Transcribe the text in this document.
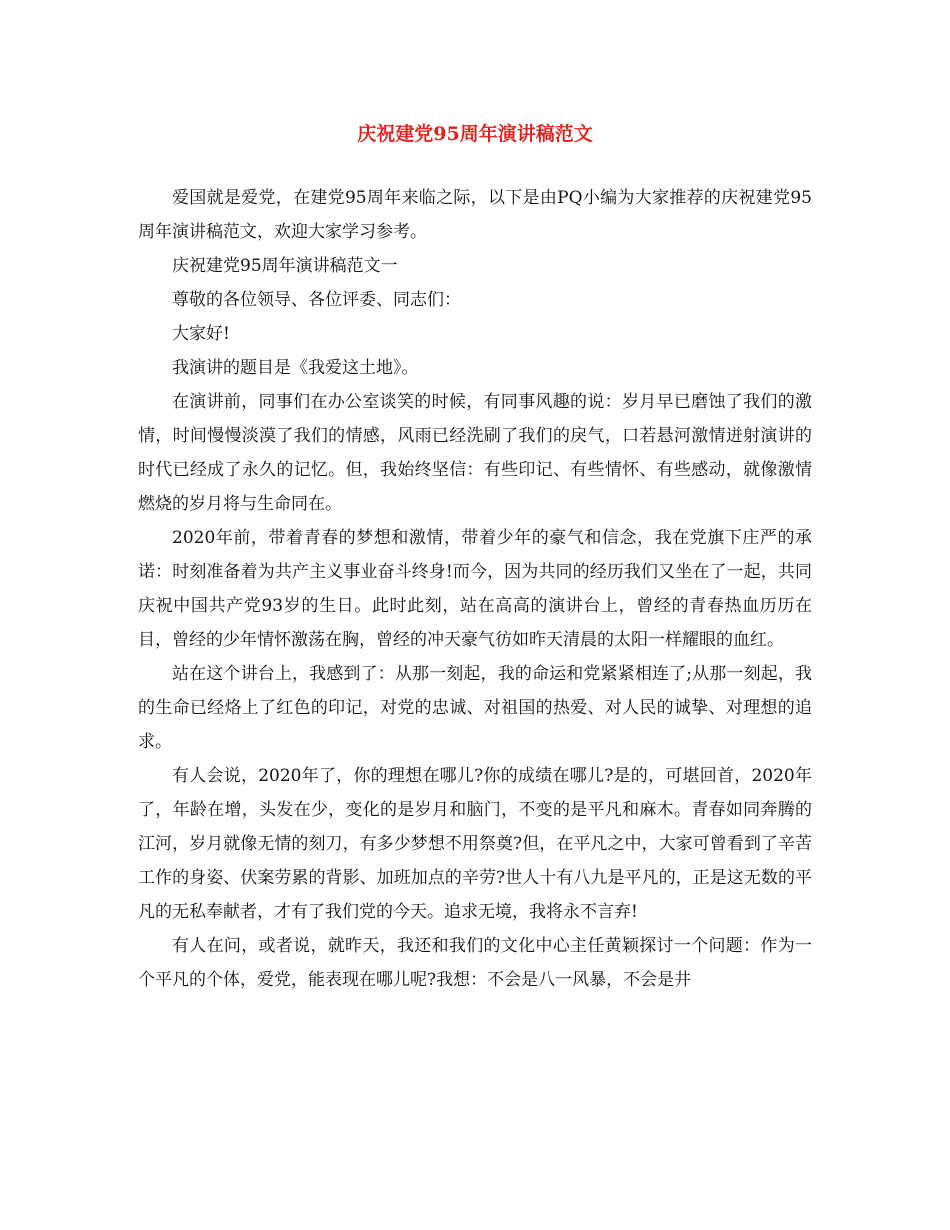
庆祝建党95周年演讲稿范文

爱国就是爱党，在建党95周年来临之际，以下是由PQ小编为大家推荐的庆祝建党95周年演讲稿范文，欢迎大家学习参考。

庆祝建党95周年演讲稿范文一

尊敬的各位领导、各位评委、同志们：

大家好!

我演讲的题目是《我爱这土地》。

在演讲前，同事们在办公室谈笑的时候，有同事风趣的说：岁月早已磨蚀了我们的激情，时间慢慢淡漠了我们的情感，风雨已经洗刷了我们的戾气，口若悬河激情迸射演讲的时代已经成了永久的记忆。但，我始终坚信：有些印记、有些情怀、有些感动，就像激情燃烧的岁月将与生命同在。

2020年前，带着青春的梦想和激情，带着少年的豪气和信念，我在党旗下庄严的承诺：时刻准备着为共产主义事业奋斗终身!而今，因为共同的经历我们又坐在了一起，共同庆祝中国共产党93岁的生日。此时此刻，站在高高的演讲台上，曾经的青春热血历历在目，曾经的少年情怀激荡在胸，曾经的冲天豪气彷如昨天清晨的太阳一样耀眼的血红。

站在这个讲台上，我感到了：从那一刻起，我的命运和党紧紧相连了;从那一刻起，我的生命已经烙上了红色的印记，对党的忠诚、对祖国的热爱、对人民的诚挚、对理想的追求。

有人会说，2020年了，你的理想在哪儿?你的成绩在哪儿?是的，可堪回首，2020年了，年龄在增，头发在少，变化的是岁月和脑门，不变的是平凡和麻木。青春如同奔腾的江河，岁月就像无情的刻刀，有多少梦想不用祭奠?但，在平凡之中，大家可曾看到了辛苦工作的身姿、伏案劳累的背影、加班加点的辛劳?世人十有八九是平凡的，正是这无数的平凡的无私奉献者，才有了我们党的今天。追求无境，我将永不言弃!

有人在问，或者说，就昨天，我还和我们的文化中心主任黄颖探讨一个问题：作为一个平凡的个体，爱党，能表现在哪儿呢?我想：不会是八一风暴，不会是井
